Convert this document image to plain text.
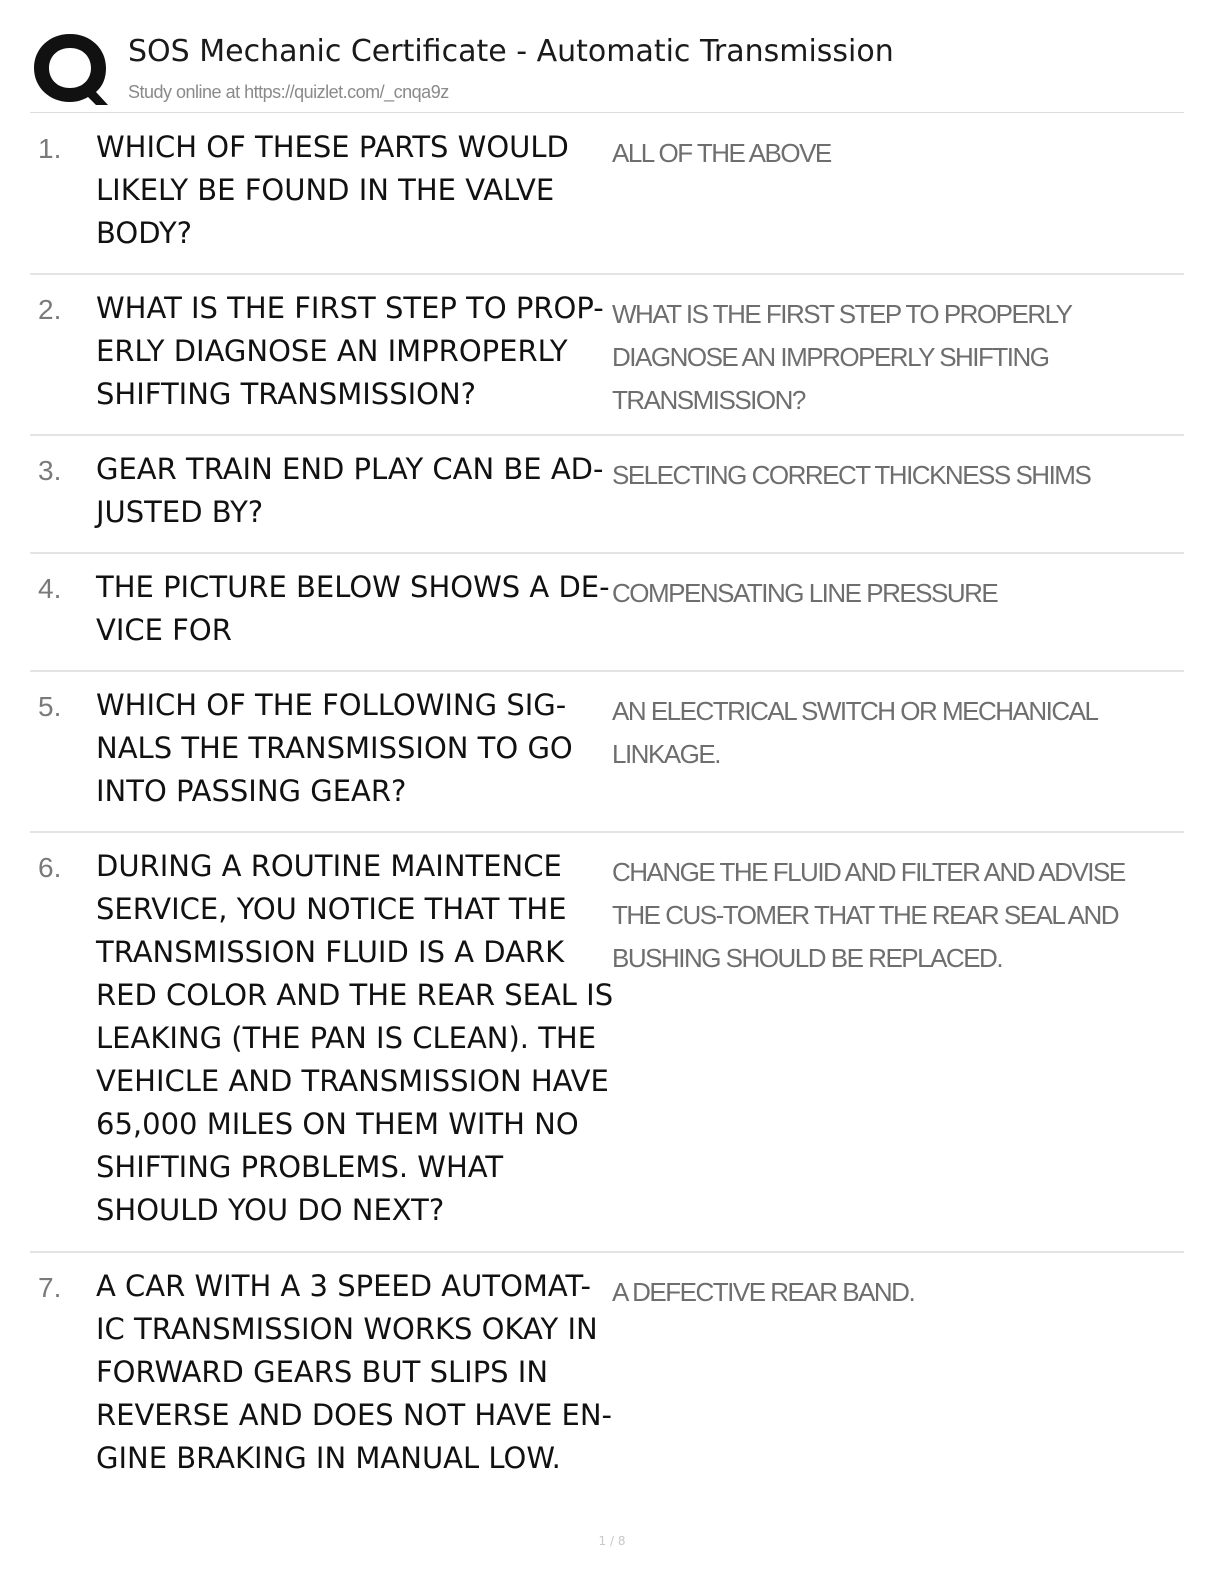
SOS Mechanic Certificate - Automatic Transmission
Study online at https://quizlet.com/_cnqa9z
1. WHICH OF THESE PARTS WOULD LIKELY BE FOUND IN THE VALVE BODY?
ALL OF THE ABOVE
2. WHAT IS THE FIRST STEP TO PROP-ERLY DIAGNOSE AN IMPROPERLY SHIFTING TRANSMISSION?
WHAT IS THE FIRST STEP TO PROPERLY DIAGNOSE AN IMPROPERLY SHIFTING TRANSMISSION?
3. GEAR TRAIN END PLAY CAN BE AD-JUSTED BY?
SELECTING CORRECT THICKNESS SHIMS
4. THE PICTURE BELOW SHOWS A DE-VICE FOR
COMPENSATING LINE PRESSURE
5. WHICH OF THE FOLLOWING SIG-NALS THE TRANSMISSION TO GO INTO PASSING GEAR?
AN ELECTRICAL SWITCH OR MECHANICAL LINKAGE.
6. DURING A ROUTINE MAINTENCE SERVICE, YOU NOTICE THAT THE TRANSMISSION FLUID IS A DARK RED COLOR AND THE REAR SEAL IS LEAKING (THE PAN IS CLEAN). THE VEHICLE AND TRANSMISSION HAVE 65,000 MILES ON THEM WITH NO SHIFTING PROBLEMS. WHAT SHOULD YOU DO NEXT?
CHANGE THE FLUID AND FILTER AND ADVISE THE CUS-TOMER THAT THE REAR SEAL AND BUSHING SHOULD BE REPLACED.
7. A CAR WITH A 3 SPEED AUTOMAT-IC TRANSMISSION WORKS OKAY IN FORWARD GEARS BUT SLIPS IN REVERSE AND DOES NOT HAVE EN-GINE BRAKING IN MANUAL LOW.
A DEFECTIVE REAR BAND.
1 / 8
